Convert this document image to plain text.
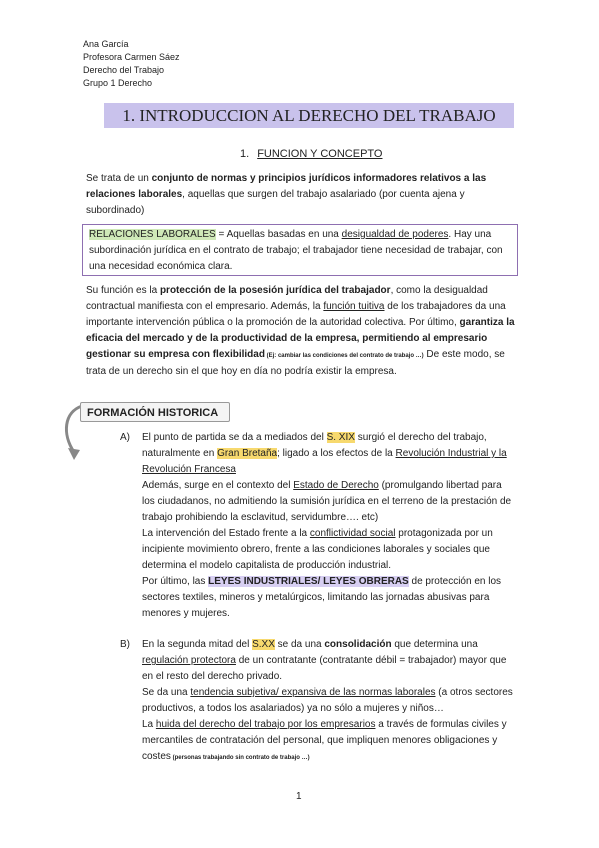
Ana García
Profesora Carmen Sáez
Derecho del Trabajo
Grupo 1 Derecho
1. INTRODUCCION AL DERECHO DEL TRABAJO
1. FUNCION Y CONCEPTO
Se trata de un conjunto de normas y principios jurídicos informadores relativos a las relaciones laborales, aquellas que surgen del trabajo asalariado (por cuenta ajena y subordinado)
RELACIONES LABORALES = Aquellas basadas en una desigualdad de poderes. Hay una subordinación jurídica en el contrato de trabajo; el trabajador tiene necesidad de trabajar, con una necesidad económica clara.
Su función es la protección de la posesión jurídica del trabajador, como la desigualdad contractual manifiesta con el empresario. Además, la función tuitiva de los trabajadores da una importante intervención pública o la promoción de la autoridad colectiva. Por último, garantiza la eficacia del mercado y de la productividad de la empresa, permitiendo al empresario gestionar su empresa con flexibilidad (Ej: cambiar las condiciones del contrato de trabajo …) De este modo, se trata de un derecho sin el que hoy en día no podría existir la empresa.
FORMACIÓN HISTORICA
A) El punto de partida se da a mediados del S. XIX surgió el derecho del trabajo, naturalmente en Gran Bretaña; ligado a los efectos de la Revolución Industrial y la Revolución Francesa
Además, surge en el contexto del Estado de Derecho (promulgando libertad para los ciudadanos, no admitiendo la sumisión jurídica en el terreno de la prestación de trabajo prohibiendo la esclavitud, servidumbre…. etc)
La intervención del Estado frente a la conflictividad social protagonizada por un incipiente movimiento obrero, frente a las condiciones laborales y sociales que determina el modelo capitalista de producción industrial.
Por último, las LEYES INDUSTRIALES/ LEYES OBRERAS de protección en los sectores textiles, mineros y metalúrgicos, limitando las jornadas abusivas para menores y mujeres.
B) En la segunda mitad del S.XX se da una consolidación que determina una regulación protectora de un contratante (contratante débil = trabajador) mayor que en el resto del derecho privado.
Se da una tendencia subjetiva/ expansiva de las normas laborales (a otros sectores productivos, a todos los asalariados) ya no sólo a mujeres y niños…
La huida del derecho del trabajo por los empresarios a través de formulas civiles y mercantiles de contratación del personal, que impliquen menores obligaciones y costes (personas trabajando sin contrato de trabajo …)
1
